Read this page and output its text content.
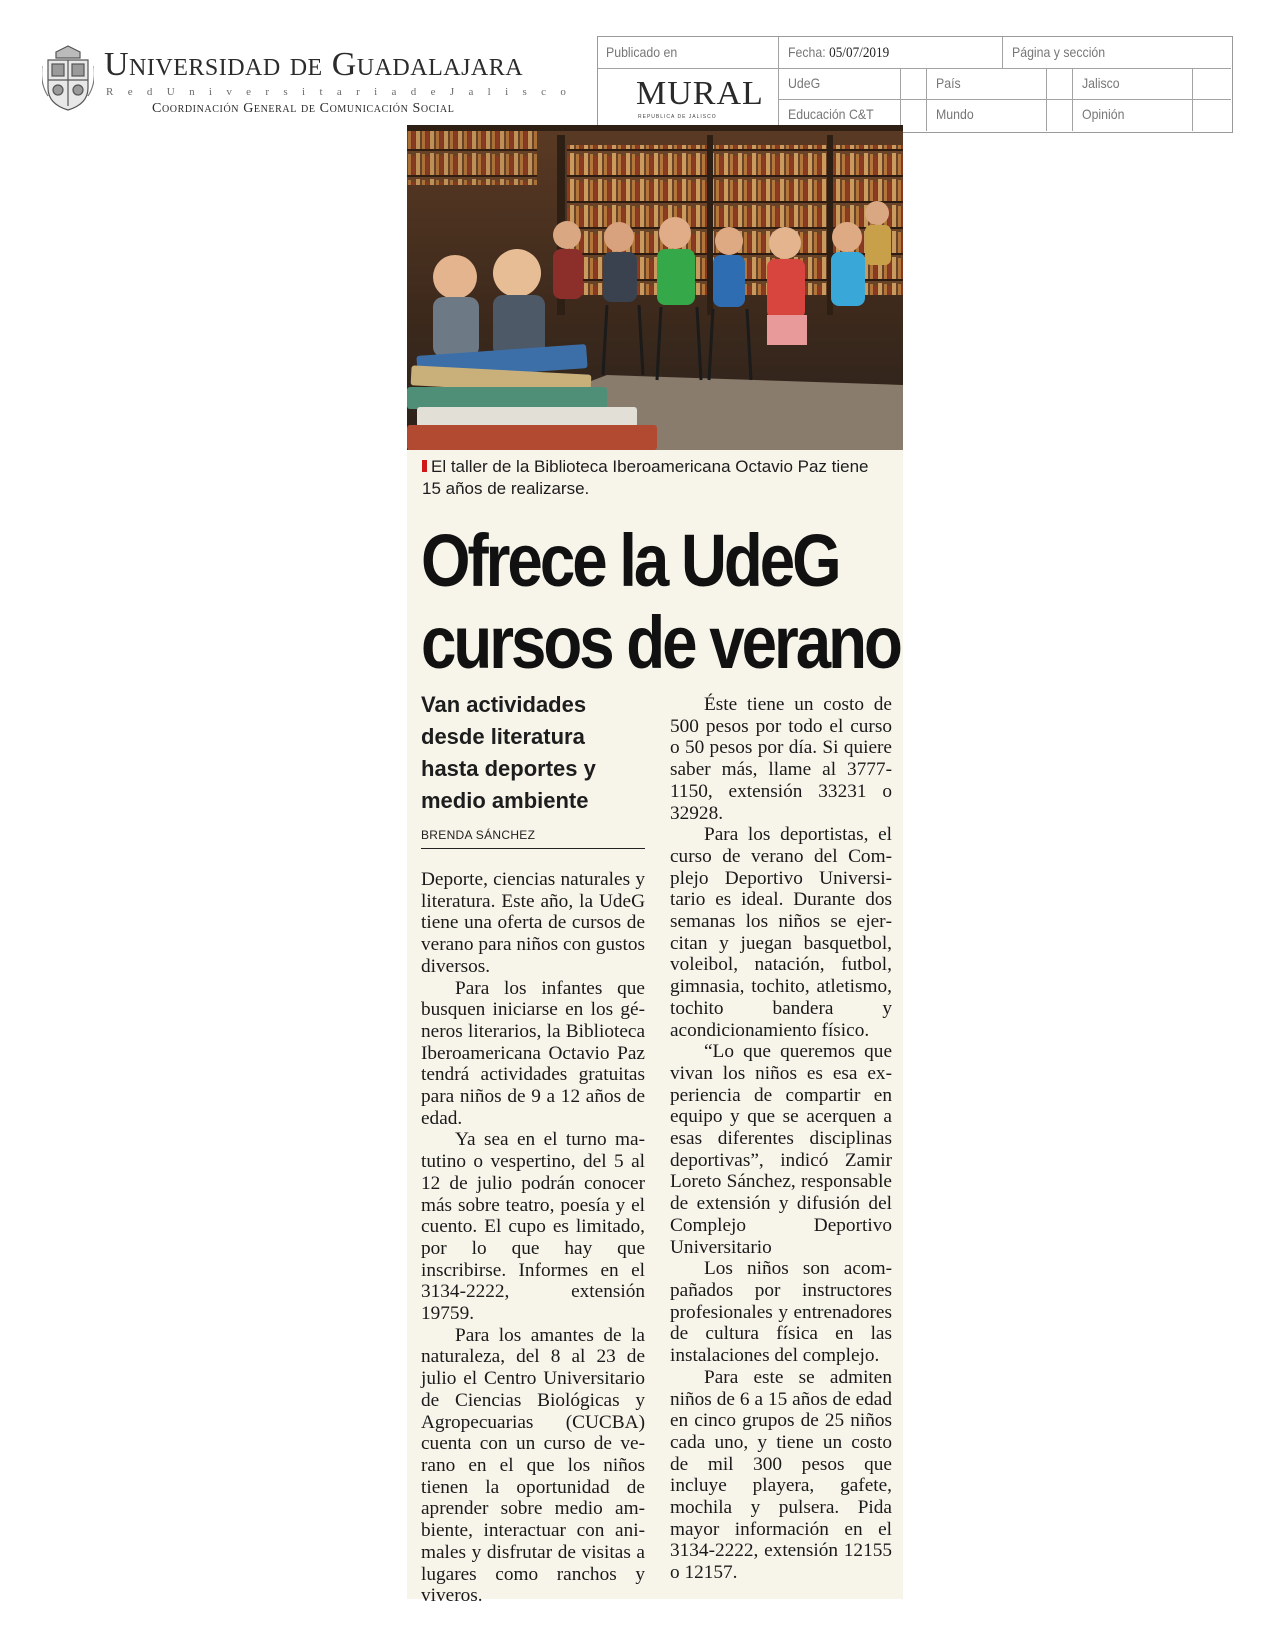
Universidad de Guadalajara
R e d U n i v e r s i t a r i a d e J a l i s c o
Coordinación General de Comunicación Social
Publicado en	Fecha: 05/07/2019	Página y sección
UdeG	País	Jalisco
Educación C&T	Mundo	Opinión
MURAL
REPUBLICA DE JALISCO
El taller de la Biblioteca Iberoamericana Octavio Paz tiene 15 años de realizarse.
Ofrece la UdeG
cursos de verano
Van actividades desde literatura hasta deportes y medio ambiente
BRENDA SÁNCHEZ

Deporte, ciencias naturales y literatura. Este año, la UdeG tiene una oferta de cursos de verano para niños con gustos diversos.

Para los infantes que busquen iniciarse en los géneros literarios, la Biblioteca Iberoamericana Octavio Paz tendrá actividades gratuitas para niños de 9 a 12 años de edad.

Ya sea en el turno matutino o vespertino, del 5 al 12 de julio podrán conocer más sobre teatro, poesía y el cuento. El cupo es limitado, por lo que hay que inscribirse. Informes en el 3134-2222, extensión 19759.

Para los amantes de la naturaleza, del 8 al 23 de julio el Centro Universitario de Ciencias Biológicas y Agropecuarias (CUCBA) cuenta con un curso de verano en el que los niños tienen la oportunidad de aprender sobre medio ambiente, interactuar con animales y disfrutar de visitas a lugares como ranchos y viveros.

Éste tiene un costo de 500 pesos por todo el curso o 50 pesos por día. Si quiere saber más, llame al 3777-1150, extensión 33231 o 32928.

Para los deportistas, el curso de verano del Complejo Deportivo Universitario es ideal. Durante dos semanas los niños se ejercitan y juegan basquetbol, voleibol, natación, futbol, gimnasia, tochito, atletismo, tochito bandera y acondicionamiento físico.

“Lo que queremos que vivan los niños es esa experiencia de compartir en equipo y que se acerquen a esas diferentes disciplinas deportivas”, indicó Zamir Loreto Sánchez, responsable de extensión y difusión del Complejo Deportivo Universitario

Los niños son acompañados por instructores profesionales y entrenadores de cultura física en las instalaciones del complejo.

Para este se admiten niños de 6 a 15 años de edad en cinco grupos de 25 niños cada uno, y tiene un costo de mil 300 pesos que incluye playera, gafete, mochila y pulsera. Pida mayor información en el 3134-2222, extensión 12155 o 12157.
